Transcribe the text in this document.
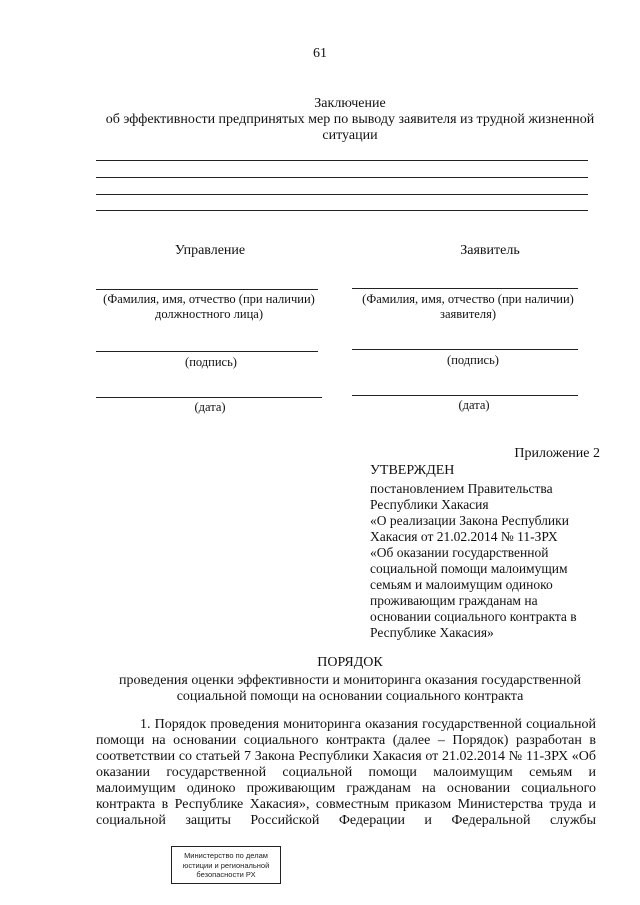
61
Заключение
об эффективности предпринятых мер по выводу заявителя из трудной жизненной
ситуации
Управление
(Фамилия, имя, отчество (при наличии)
должностного лица)
(подпись)
(дата)
Заявитель
(Фамилия, имя, отчество (при наличии)
заявителя)
(подпись)
(дата)
Приложение 2
УТВЕРЖДЕН
постановлением Правительства
Республики Хакасия
«О реализации Закона Республики
Хакасия от 21.02.2014 № 11-ЗРХ
«Об оказании государственной
социальной помощи малоимущим
семьям и малоимущим одиноко
проживающим гражданам на
основании социального контракта в
Республике Хакасия»
ПОРЯДОК
проведения оценки эффективности и мониторинга оказания государственной
социальной помощи на основании социального контракта
1. Порядок проведения мониторинга оказания государственной социальной
помощи на основании социального контракта (далее – Порядок) разработан в
соответствии со статьей 7 Закона Республики Хакасия от 21.02.2014 № 11-ЗРХ «Об
оказании государственной социальной помощи малоимущим семьям и
малоимущим одиноко проживающим гражданам на основании социального
контракта в Республике Хакасия», совместным приказом Министерства труда и
социальной защиты Российской Федерации и Федеральной службы
Министерство по делам
юстиции и региональной
безопасности РХ
